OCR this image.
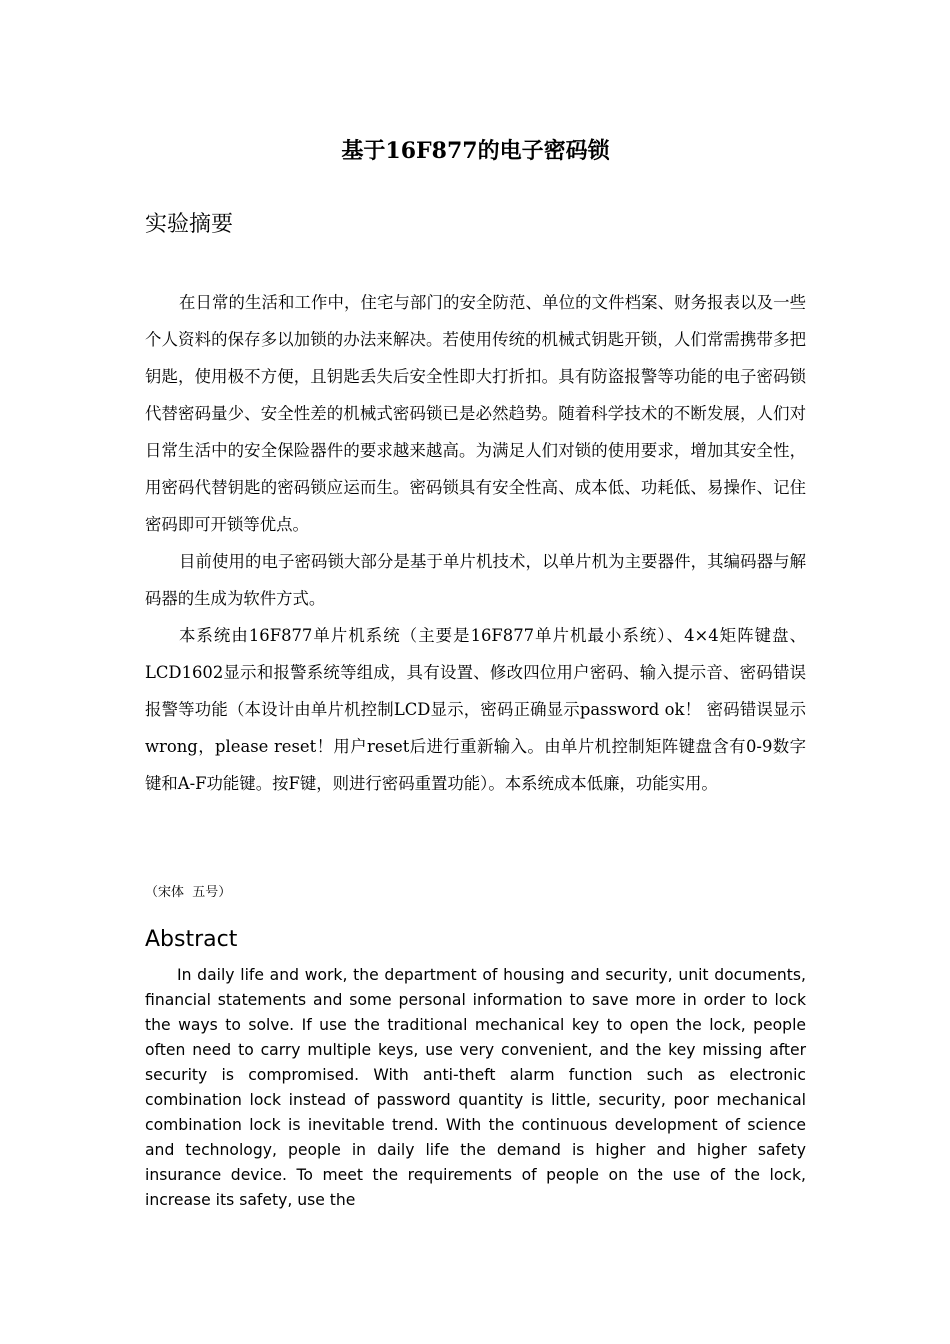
基于16F877的电子密码锁
实验摘要

在日常的生活和工作中，住宅与部门的安全防范、单位的文件档案、财务报表以及一些个人资料的保存多以加锁的办法来解决。若使用传统的机械式钥匙开锁，人们常需携带多把钥匙，使用极不方便，且钥匙丢失后安全性即大打折扣。具有防盗报警等功能的电子密码锁代替密码量少、安全性差的机械式密码锁已是必然趋势。随着科学技术的不断发展，人们对日常生活中的安全保险器件的要求越来越高。为满足人们对锁的使用要求，增加其安全性，用密码代替钥匙的密码锁应运而生。密码锁具有安全性高、成本低、功耗低、易操作、记住密码即可开锁等优点。

目前使用的电子密码锁大部分是基于单片机技术，以单片机为主要器件，其编码器与解码器的生成为软件方式。

本系统由16F877单片机系统（主要是16F877单片机最小系统）、4×4矩阵键盘、LCD1602显示和报警系统等组成，具有设置、修改四位用户密码、输入提示音、密码错误报警等功能（本设计由单片机控制LCD显示，密码正确显示password ok！ 密码错误显示wrong，please reset！用户reset后进行重新输入。由单片机控制矩阵键盘含有0-9数字键和A-F功能键。按F键，则进行密码重置功能）。本系统成本低廉，功能实用。

（宋体  五号）
Abstract

In daily life and work, the department of housing and security, unit documents, financial statements and some personal information to save more in order to lock the ways to solve. If use the traditional mechanical key to open the lock, people often need to carry multiple keys, use very convenient, and the key missing after security is compromised. With anti-theft alarm function such as electronic combination lock instead of password quantity is little, security, poor mechanical combination lock is inevitable trend. With the continuous development of science and technology, people in daily life the demand is higher and higher safety insurance device. To meet the requirements of people on the use of the lock, increase its safety, use the
